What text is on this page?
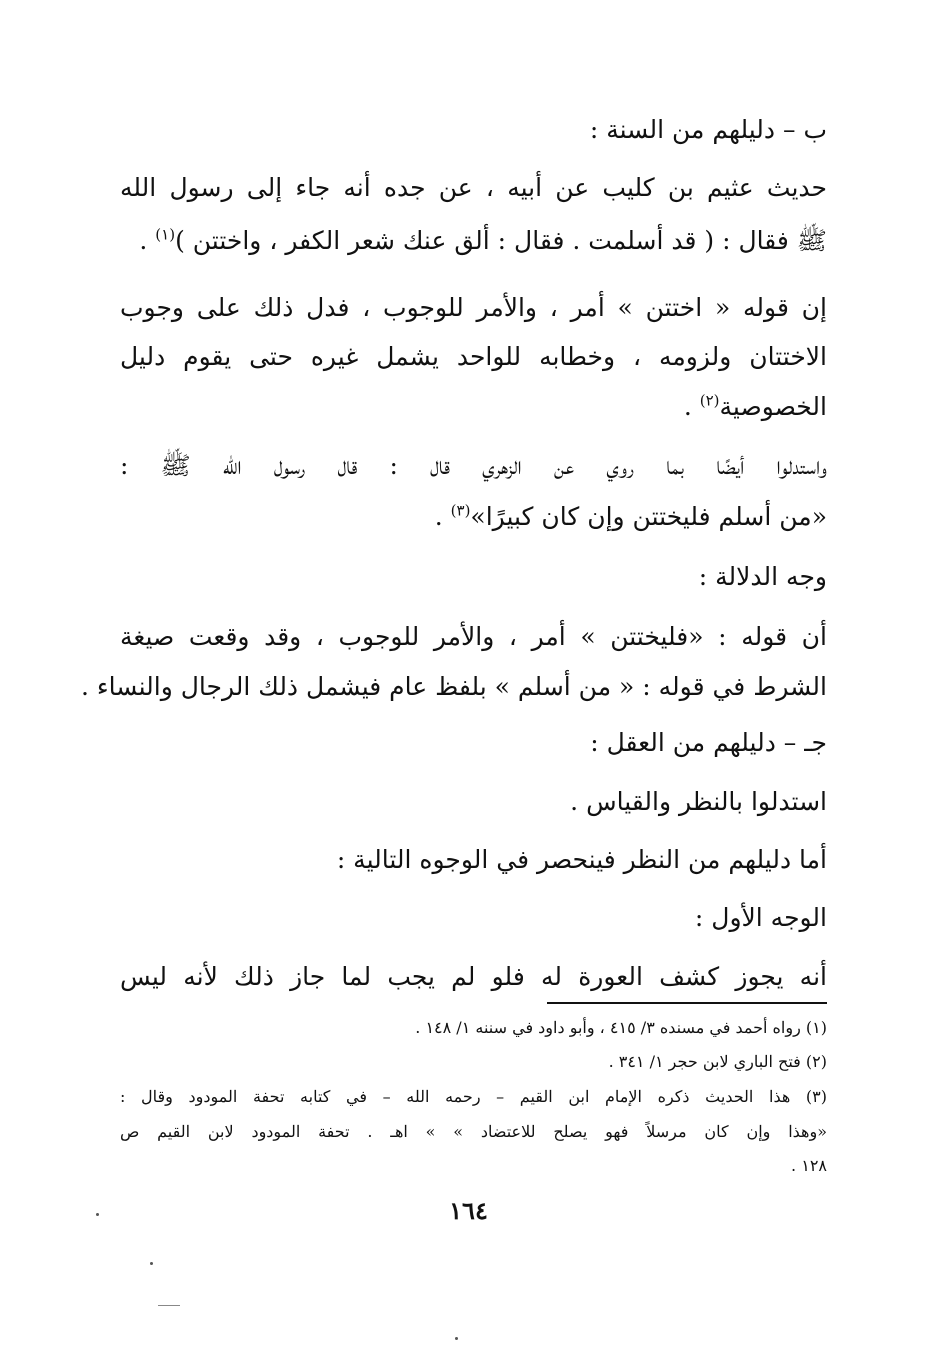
ب – دليلهم من السنة :
حديث عثيم بن كليب عن أبيه ، عن جده أنه جاء إلى رسول الله
ﷺ فقال : ( قد أسلمت . فقال : ألق عنك شعر الكفر ، واختتن )$^{(١)}$ .
إن قوله « اختتن » أمر ، والأمر للوجوب ، فدل ذلك على وجوب
الاختتان ولزومه ، وخطابه للواحد يشمل غيره حتى يقوم دليل
الخصوصية$^{(٢)}$ .
واستدلوا أيضًا بما روي عن الزهري قال : قال رسول الله ﷺ :
«من أسلم فليختتن وإن كان كبيرًا»$^{(٣)}$ .
وجه الدلالة :
أن قوله : «فليختتن » أمر ، والأمر للوجوب ، وقد وقعت صيغة
الشرط في قوله : « من أسلم » بلفظ عام فيشمل ذلك الرجال والنساء .
جـ – دليلهم من العقل :
استدلوا بالنظر والقياس .
أما دليلهم من النظر فينحصر في الوجوه التالية :
الوجه الأول :
أنه يجوز كشف العورة له فلو لم يجب لما جاز ذلك لأنه ليس
(١) رواه أحمد في مسنده ٣/ ٤١٥ ، وأبو داود في سننه ١/ ١٤٨ .
(٢) فتح الباري لابن حجر ١/ ٣٤١ .
(٣) هذا الحديث ذكره الإمام ابن القيم – رحمه الله – في كتابه تحفة المودود وقال :
«وهذا وإن كان مرسلاً فهو يصلح للاعتضاد » » اهـ . تحفة المودود لابن القيم ص
١٢٨ .
١٦٤
